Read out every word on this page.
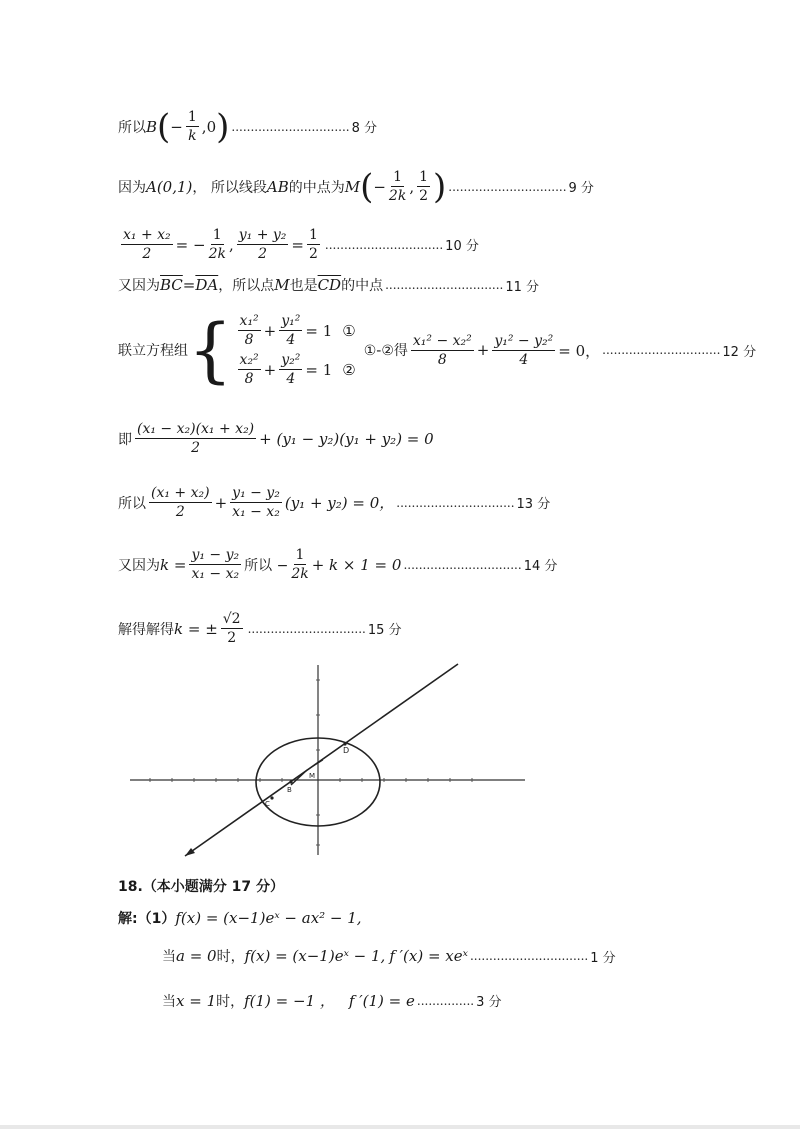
所以 B ( − $\frac{1}{k} ,0$ ) ............................... 8 分
因为 A(0,1) ， 所以线段 AB 的中点为 M ( − $\frac{1}{2k}$ , $\frac{1}{2}$ ) ............................... 9 分
$\frac{\text{x₁ + x₂}}{2}$ = − $\frac{1}{2k}$ , $\frac{\text{y₁ + y₂}}{2} = \frac{1}{2}$ ............................... 10 分
又因为 $\overline{BC} = \overline{DA}$ ，所以点 M 也是 $\overline{CD}$ 的中点 ............................... 11 分
联立方程组 { $\frac{\text{x₁²}}{8} + \frac{\text{y₁²}}{4} = 1$ ①
$\frac{\text{x₂²}}{8} + \frac{\text{y₂²}}{4} = 1$ ②
①-②得 $\frac{\text{x₁² − x₂²}}{8} + \frac{\text{y₁² − y₂²}}{4} = 0$， ............................... 12 分
即 $\frac{\text{(x₁ − x₂)(x₁ + x₂)}}{2} + (y_1 - y_2)(y_1 + y_2) = 0$
所以 $\frac{\text{(x₁ + x₂)}}{2} + \frac{\text{y₁ − y₂}}{\text{x₁ − x₂}} (y_1 + y_2) = 0$， ............................... 13 分
又因为 $k = \frac{\text{y₁ − y₂}}{\text{x₁ − x₂}}$ 所以 − $\frac{1}{2k} + k \times 1 = 0$ ............................... 14 分
解得解得 k = ± $\frac{√2}{2}$ ............................... 15 分
D
M
B
C
18.（本小题满分 17 分）
解:（1） f(x) = (x−1)eˣ − ax² − 1,
当 a = 0 时， f(x) = (x−1)eˣ − 1, f ′(x) = xeˣ ............................... 1 分
当 x = 1 时， f(1) = −1 ， f ′(1) = e ............... 3 分
